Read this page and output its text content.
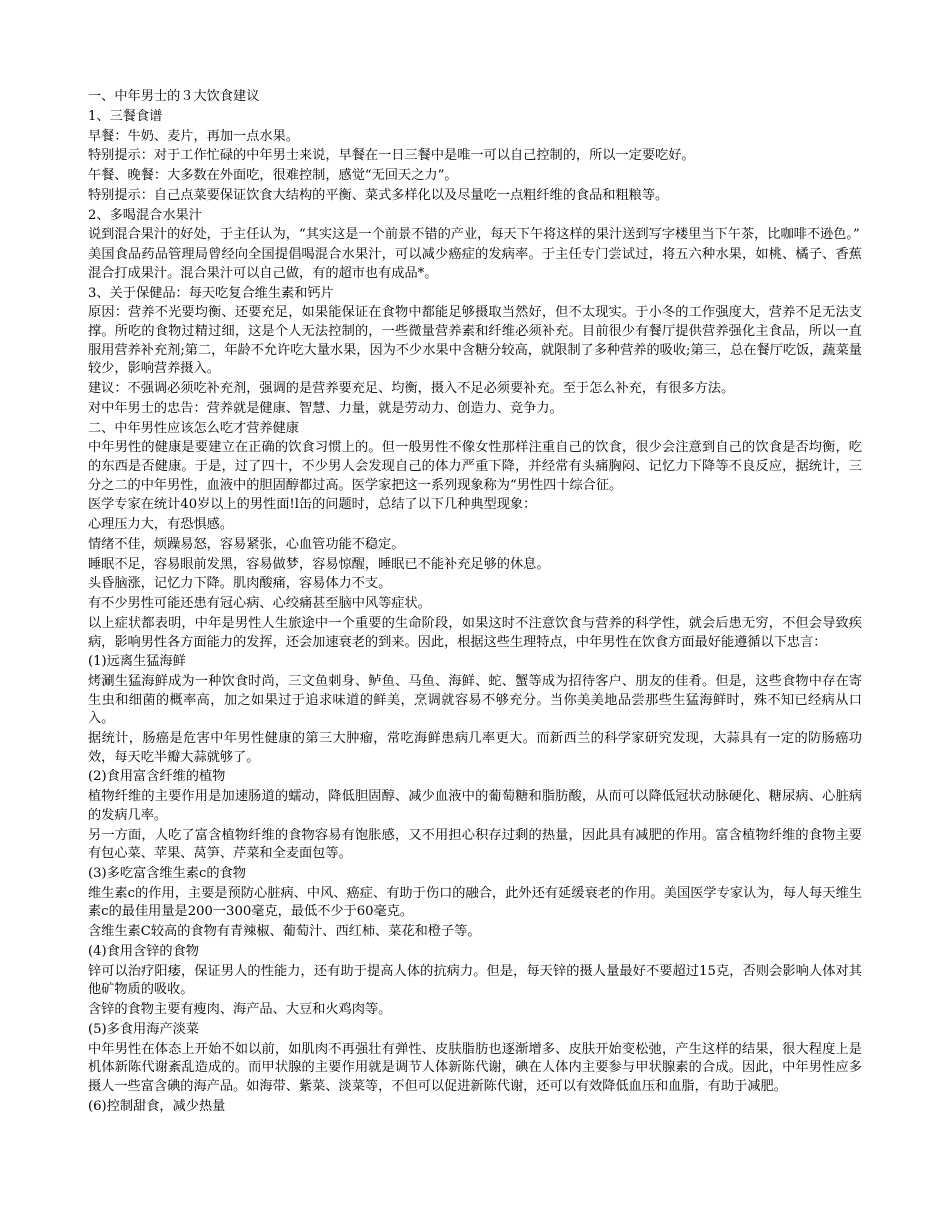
一、中年男士的３大饮食建议

1、三餐食谱

早餐：牛奶、麦片，再加一点水果。

特别提示：对于工作忙碌的中年男士来说，早餐在一日三餐中是唯一可以自己控制的，所以一定要吃好。

午餐、晚餐：大多数在外面吃，很难控制，感觉“无回天之力”。

特别提示：自己点菜要保证饮食大结构的平衡、菜式多样化以及尽量吃一点粗纤维的食品和粗粮等。

2、多喝混合水果汁

说到混合果汁的好处，于主任认为，“其实这是一个前景不错的产业，每天下午将这样的果汁送到写字楼里当下午茶，比咖啡不逊色。”

美国食品药品管理局曾经向全国提倡喝混合水果汁，可以减少癌症的发病率。于主任专门尝试过，将五六种水果，如桃、橘子、香蕉混合打成果汁。混合果汁可以自己做，有的超市也有成品*。

3、关于保健品：每天吃复合维生素和钙片

原因：营养不光要均衡、还要充足，如果能保证在食物中都能足够摄取当然好，但不太现实。于小冬的工作强度大，营养不足无法支撑。所吃的食物过精过细，这是个人无法控制的，一些微量营养素和纤维必须补充。目前很少有餐厅提供营养强化主食品，所以一直服用营养补充剂;第二，年龄不允许吃大量水果，因为不少水果中含糖分较高，就限制了多种营养的吸收;第三，总在餐厅吃饭，蔬菜量较少，影响营养摄入。

建议：不强调必须吃补充剂，强调的是营养要充足、均衡，摄入不足必须要补充。至于怎么补充，有很多方法。

对中年男士的忠告：营养就是健康、智慧、力量，就是劳动力、创造力、竞争力。

二、中年男性应该怎么吃才营养健康

中年男性的健康是要建立在正确的饮食习惯上的。但一般男性不像女性那样注重自己的饮食，很少会注意到自己的饮食是否均衡，吃的东西是否健康。于是，过了四十，不少男人会发现自己的体力严重下降，并经常有头痛胸闷、记忆力下降等不良反应，据统计，三分之二的中年男性，血液中的胆固醇都过高。医学家把这一系列现象称为“男性四十综合征。

医学专家在统计40岁以上的男性面!l缶的问题时，总结了以下几种典型现象：

心理压力大，有恐惧感。

情绪不佳，烦躁易怒，容易紧张，心血管功能不稳定。

睡眠不足，容易眼前发黑，容易做梦，容易惊醒，睡眠已不能补充足够的休息。

头昏脑涨，记忆力下降。肌肉酸痛，容易体力不支。

有不少男性可能还患有冠心病、心绞痛甚至脑中风等症状。

以上症状都表明，中年是男性人生旅途中一个重要的生命阶段，如果这时不注意饮食与营养的科学性，就会后患无穷，不但会导致疾病，影响男性各方面能力的发挥，还会加速衰老的到来。因此，根据这些生理特点，中年男性在饮食方面最好能遵循以下忠言：

(1)远离生猛海鲜

烤涮生猛海鲜成为一种饮食时尚，三文鱼刺身、鲈鱼、马鱼、海鲜、蛇、蟹等成为招待客户、朋友的佳肴。但是，这些食物中存在寄生虫和细菌的概率高，加之如果过于追求味道的鲜美，烹调就容易不够充分。当你美美地品尝那些生猛海鲜时，殊不知已经病从口入。

据统计，肠癌是危害中年男性健康的第三大肿瘤，常吃海鲜患病几率更大。而新西兰的科学家研究发现，大蒜具有一定的防肠癌功效，每天吃半瓣大蒜就够了。

(2)食用富含纤维的植物

植物纤维的主要作用是加速肠道的蠕动，降低胆固醇、减少血液中的葡萄糖和脂肪酸，从而可以降低冠状动脉硬化、糖尿病、心脏病的发病几率。

另一方面，人吃了富含植物纤维的食物容易有饱胀感，又不用担心积存过剩的热量，因此具有减肥的作用。富含植物纤维的食物主要有包心菜、苹果、莴笋、芹菜和全麦面包等。

(3)多吃富含维生素c的食物

维生素c的作用，主要是预防心脏病、中风、癌症、有助于伤口的融合，此外还有延缓衰老的作用。美国医学专家认为，每人每天维生素c的最佳用量是200一300毫克，最低不少于60毫克。

含维生素C较高的食物有青辣椒、葡萄汁、西红柿、菜花和橙子等。

(4)食用含锌的食物

锌可以治疗阳痿，保证男人的性能力，还有助于提高人体的抗病力。但是，每天锌的摄人量最好不要超过15克，否则会影响人体对其他矿物质的吸收。

含锌的食物主要有瘦肉、海产品、大豆和火鸡肉等。

(5)多食用海产淡菜

中年男性在体态上开始不如以前，如肌肉不再强壮有弹性、皮肤脂肪也逐渐增多、皮肤开始变松弛，产生这样的结果，很大程度上是机体新陈代谢紊乱造成的。而甲状腺的主要作用就是调节人体新陈代谢，碘在人体内主要参与甲状腺素的合成。因此，中年男性应多摄人一些富含碘的海产品。如海带、紫菜、淡菜等，不但可以促进新陈代谢，还可以有效降低血压和血脂，有助于减肥。

(6)控制甜食，减少热量
